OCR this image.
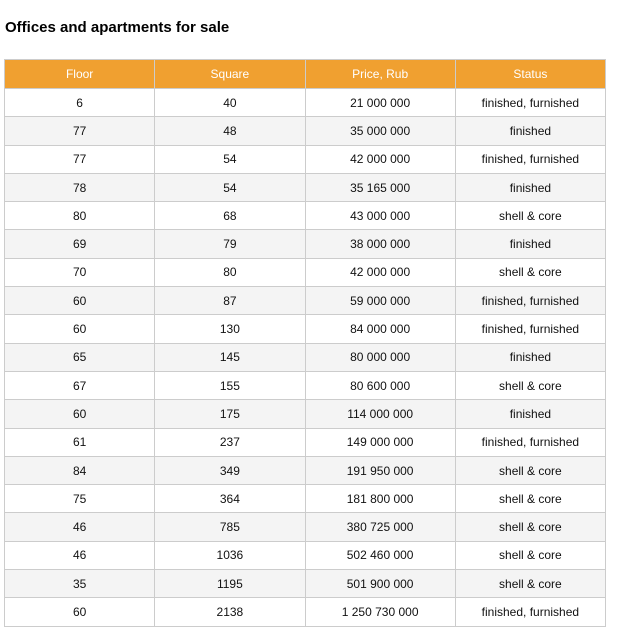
Offices and apartments for sale
Floor	Square	Price, Rub	Status
6	40	21 000 000	finished, furnished
77	48	35 000 000	finished
77	54	42 000 000	finished, furnished
78	54	35 165 000	finished
80	68	43 000 000	shell & core
69	79	38 000 000	finished
70	80	42 000 000	shell & core
60	87	59 000 000	finished, furnished
60	130	84 000 000	finished, furnished
65	145	80 000 000	finished
67	155	80 600 000	shell & core
60	175	114 000 000	finished
61	237	149 000 000	finished, furnished
84	349	191 950 000	shell & core
75	364	181 800 000	shell & core
46	785	380 725 000	shell & core
46	1036	502 460 000	shell & core
35	1195	501 900 000	shell & core
60	2138	1 250 730 000	finished, furnished
